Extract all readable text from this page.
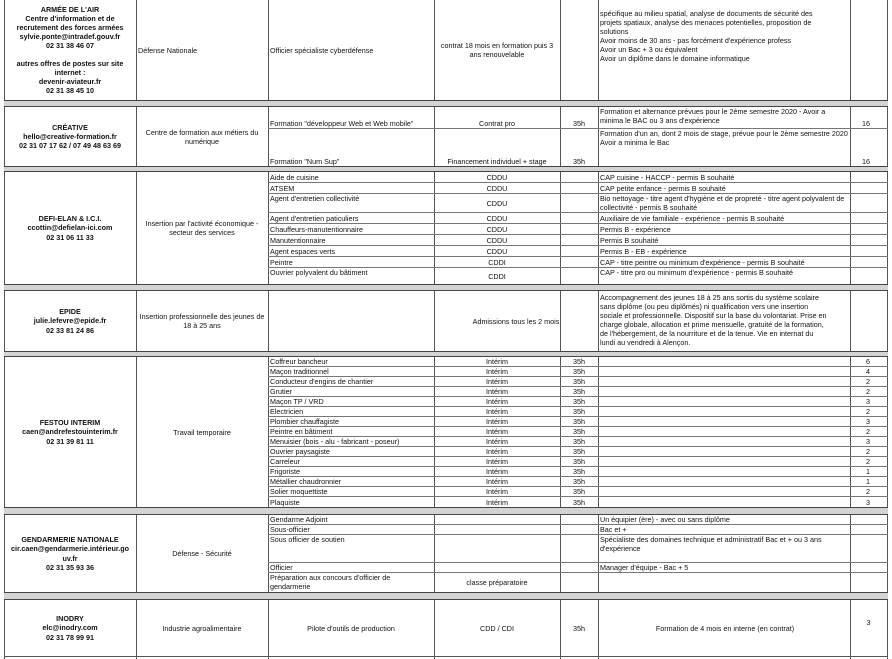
ARMÉE DE L'AIR
Centre d'information et de
recrutement des forces armées
sylvie.ponte@intradef.gouv.fr
02 31 38 46 07
autres offres de postes sur site
internet :
devenir-aviateur.fr
02 31 38 45 10
Défense Nationale	Officier spécialiste cyberdéfense	contrat 18 mois en formation puis 3 ans renouvelable
spécifique au milieu spatial, analyse de documents de sécurité des
projets spatiaux, analyse des menaces potentielles, proposition de
solutions
Avoir moins de 30 ans - pas forcément d'expérience profess
Avoir un Bac + 3 ou équivalent
Avoir un diplôme dans le domaine informatique
CRÉATIVE
hello@creative-formation.fr
02 31 07 17 62 / 07 49 48 63 69
Centre de formation aux métiers du numérique
Formation "développeur Web et Web mobile"	Contrat pro	35h
Formation et alternance prévues pour le 2ème semestre 2020 - Avoir a minima le BAC ou 3 ans d'expérience	16
Formation "Num Sup"	Financement individuel + stage	35h
Formation d'un an, dont 2 mois de stage, prévue pour le 2ème semestre 2020 Avoir a minima le Bac
16
DEFI-ELAN & I.C.I.
ccottin@defielan-ici.com
02 31 06 11 33
Insertion par l'activité économique - secteur des services
EPIDE
julie.lefevre@epide.fr
02 33 81 24 86
Insertion professionnelle des jeunes de 18 à 25 ans	Admissions tous les 2 mois
Accompagnement des jeunes 18 à 25 ans sortis du système scolaire
sans diplôme (ou peu diplômés) ni qualification vers une insertion
sociale et professionnelle. Dispositif sur la base du volontariat. Prise en
charge globale, allocation et prime mensuelle, gratuité de la formation,
de l'hébergement, de la nourriture et de la tenue. Vie en internat du
lundi au vendredi à Alençon.
FESTOU INTERIM
caen@andrefestouinterim.fr
02 31 39 81 11
Travail temporaire
GENDARMERIE NATIONALE
cir.caen@gendarmerie.intérieur.go
uv.fr
02 31 35 93 36
Défense - Sécurité
INODRY
elc@inodry.com
02 31 78 99 91
Industrie agroalimentaire	Pilote d'outils de production	CDD / CDI	35h	Formation de 4 mois en interne (en contrat)
3
Aide de cuisine	CDDU	CAP cuisine - HACCP - permis B souhaité
ATSEM	CDDU	CAP petite enfance - permis B souhaité
Agent d'entretien collectivité	CDDU	Bio nettoyage - titre agent d'hygiène et de propreté - titre agent polyvalent de collectivité - permis B souhaité
Agent d'entretien paticuliers	CDDU	Auxiliaire de vie familiale - expérience - permis B souhaité
Chauffeurs-manutentionnaire	CDDU	Permis B - expérience
Manutentionnaire	CDDU	Permis B souhaité
Agent espaces verts	CDDU	Permis B - EB - expérience
Peintre	CDDI	CAP - titre peintre ou minimum d'expérience - permis B souhaité
Ouvrier polyvalent du bâtiment	CDDI	CAP - titre pro ou minimum d'expérience - permis B souhaité
Coffreur bancheur	Intérim	35h	6
Maçon traditionnel	Intérim	35h	4
Conducteur d'engins de chantier	Intérim	35h	2
Grutier	Intérim	35h	2
Maçon TP / VRD	Intérim	35h	3
Electricien	Intérim	35h	2
Plombier chauffagiste	Intérim	35h	3
Peintre en bâtiment	Intérim	35h	2
Menuisier (bois - alu - fabricant - poseur)	Intérim	35h	3
Ouvrier paysagiste	Intérim	35h	2
Carreleur	Intérim	35h	2
Frigoriste	Intérim	35h	1
Métallier chaudronnier	Intérim	35h	1
Solier moquettiste	Intérim	35h	2
Plaquiste	Intérim	35h	3
Gendarme Adjoint	Un équipier (ère) - avec ou sans diplôme
Sous-officier	Bac et +
Sous officier de soutien	Spécialiste des domaines technique et administratif Bac et + ou 3 ans d'expérience
Officier	Manager d'équipe - Bac + 5
Préparation aux concours d'officier de gendarmerie	classe préparatoire
